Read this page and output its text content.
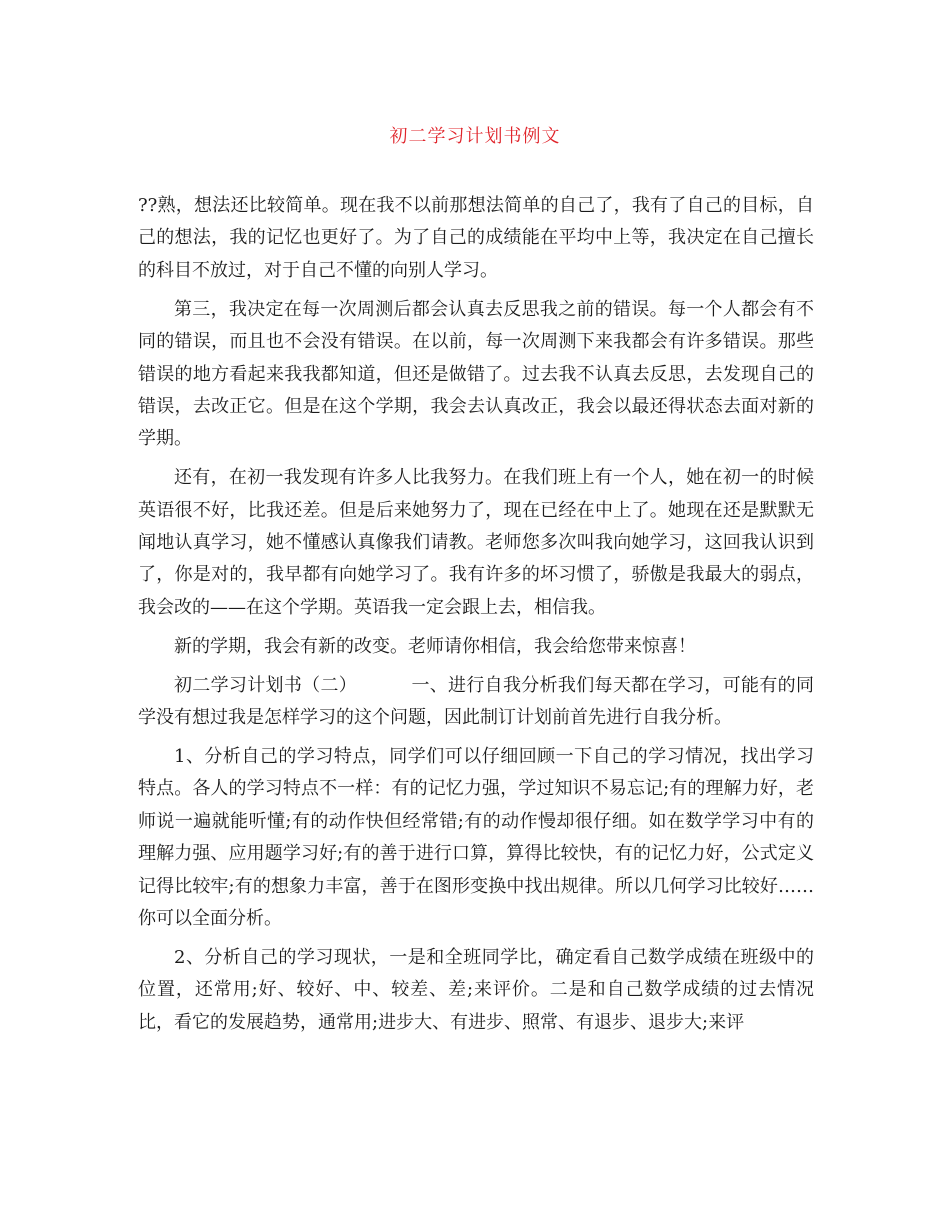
初二学习计划书例文

??熟，想法还比较简单。现在我不以前那想法简单的自己了，我有了自己的目标，自己的想法，我的记忆也更好了。为了自己的成绩能在平均中上等，我决定在自己擅长的科目不放过，对于自己不懂的向别人学习。

第三，我决定在每一次周测后都会认真去反思我之前的错误。每一个人都会有不同的错误，而且也不会没有错误。在以前，每一次周测下来我都会有许多错误。那些错误的地方看起来我我都知道，但还是做错了。过去我不认真去反思，去发现自己的错误，去改正它。但是在这个学期，我会去认真改正，我会以最还得状态去面对新的学期。

还有，在初一我发现有许多人比我努力。在我们班上有一个人，她在初一的时候英语很不好，比我还差。但是后来她努力了，现在已经在中上了。她现在还是默默无闻地认真学习，她不懂感认真像我们请教。老师您多次叫我向她学习，这回我认识到了，你是对的，我早都有向她学习了。我有许多的坏习惯了，骄傲是我最大的弱点，我会改的——在这个学期。英语我一定会跟上去，相信我。

新的学期，我会有新的改变。老师请你相信，我会给您带来惊喜！

初二学习计划书（二）	一、进行自我分析我们每天都在学习，可能有的同学没有想过我是怎样学习的这个问题，因此制订计划前首先进行自我分析。

1、分析自己的学习特点，同学们可以仔细回顾一下自己的学习情况，找出学习特点。各人的学习特点不一样：有的记忆力强，学过知识不易忘记;有的理解力好，老师说一遍就能听懂;有的动作快但经常错;有的动作慢却很仔细。如在数学学习中有的理解力强、应用题学习好;有的善于进行口算，算得比较快，有的记忆力好，公式定义记得比较牢;有的想象力丰富，善于在图形变换中找出规律。所以几何学习比较好……你可以全面分析。

2、分析自己的学习现状，一是和全班同学比，确定看自己数学成绩在班级中的位置，还常用;好、较好、中、较差、差;来评价。二是和自己数学成绩的过去情况比，看它的发展趋势，通常用;进步大、有进步、照常、有退步、退步大;来评
